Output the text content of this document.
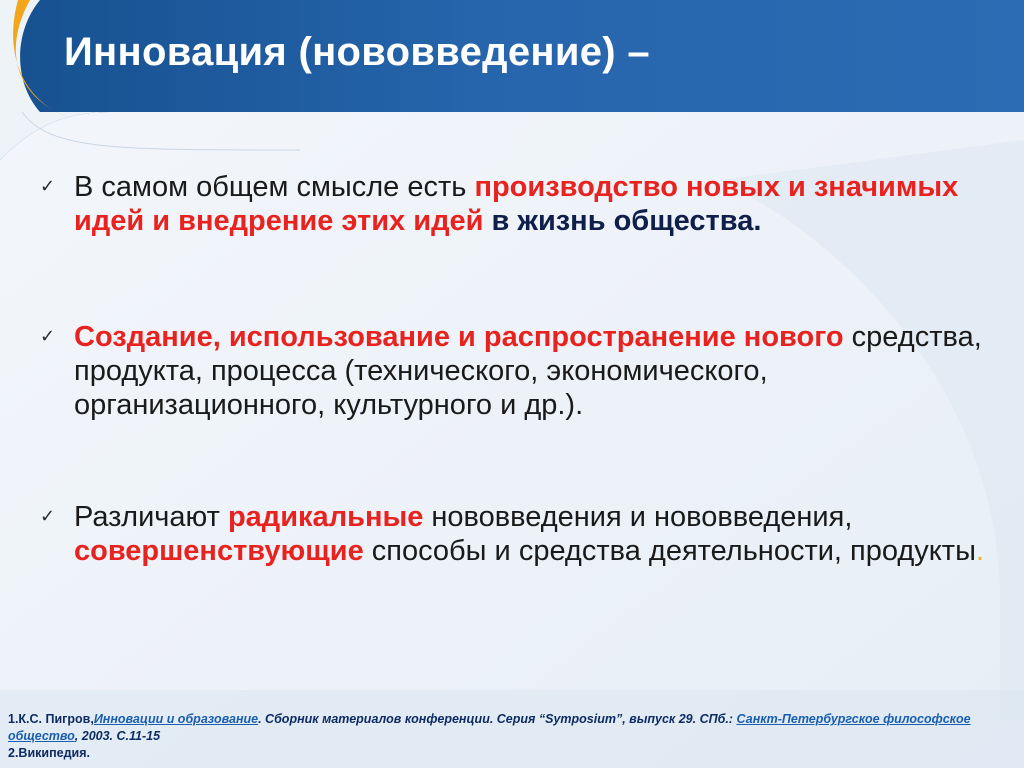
Инновация (нововведение) –
✓ В самом общем смысле есть производство новых и значимых идей и внедрение этих идей в жизнь общества.
✓ Создание, использование и распространение нового средства, продукта, процесса (технического, экономического, организационного, культурного и др.).
✓ Различают радикальные нововведения и нововведения, совершенствующие способы и средства деятельности, продукты.
1.К.С. Пигров,Инновации и образование. Сборник материалов конференции. Серия “Symposium”, выпуск 29. СПб.: Санкт-Петербургское философское общество, 2003. С.11-15
2.Википедия.
